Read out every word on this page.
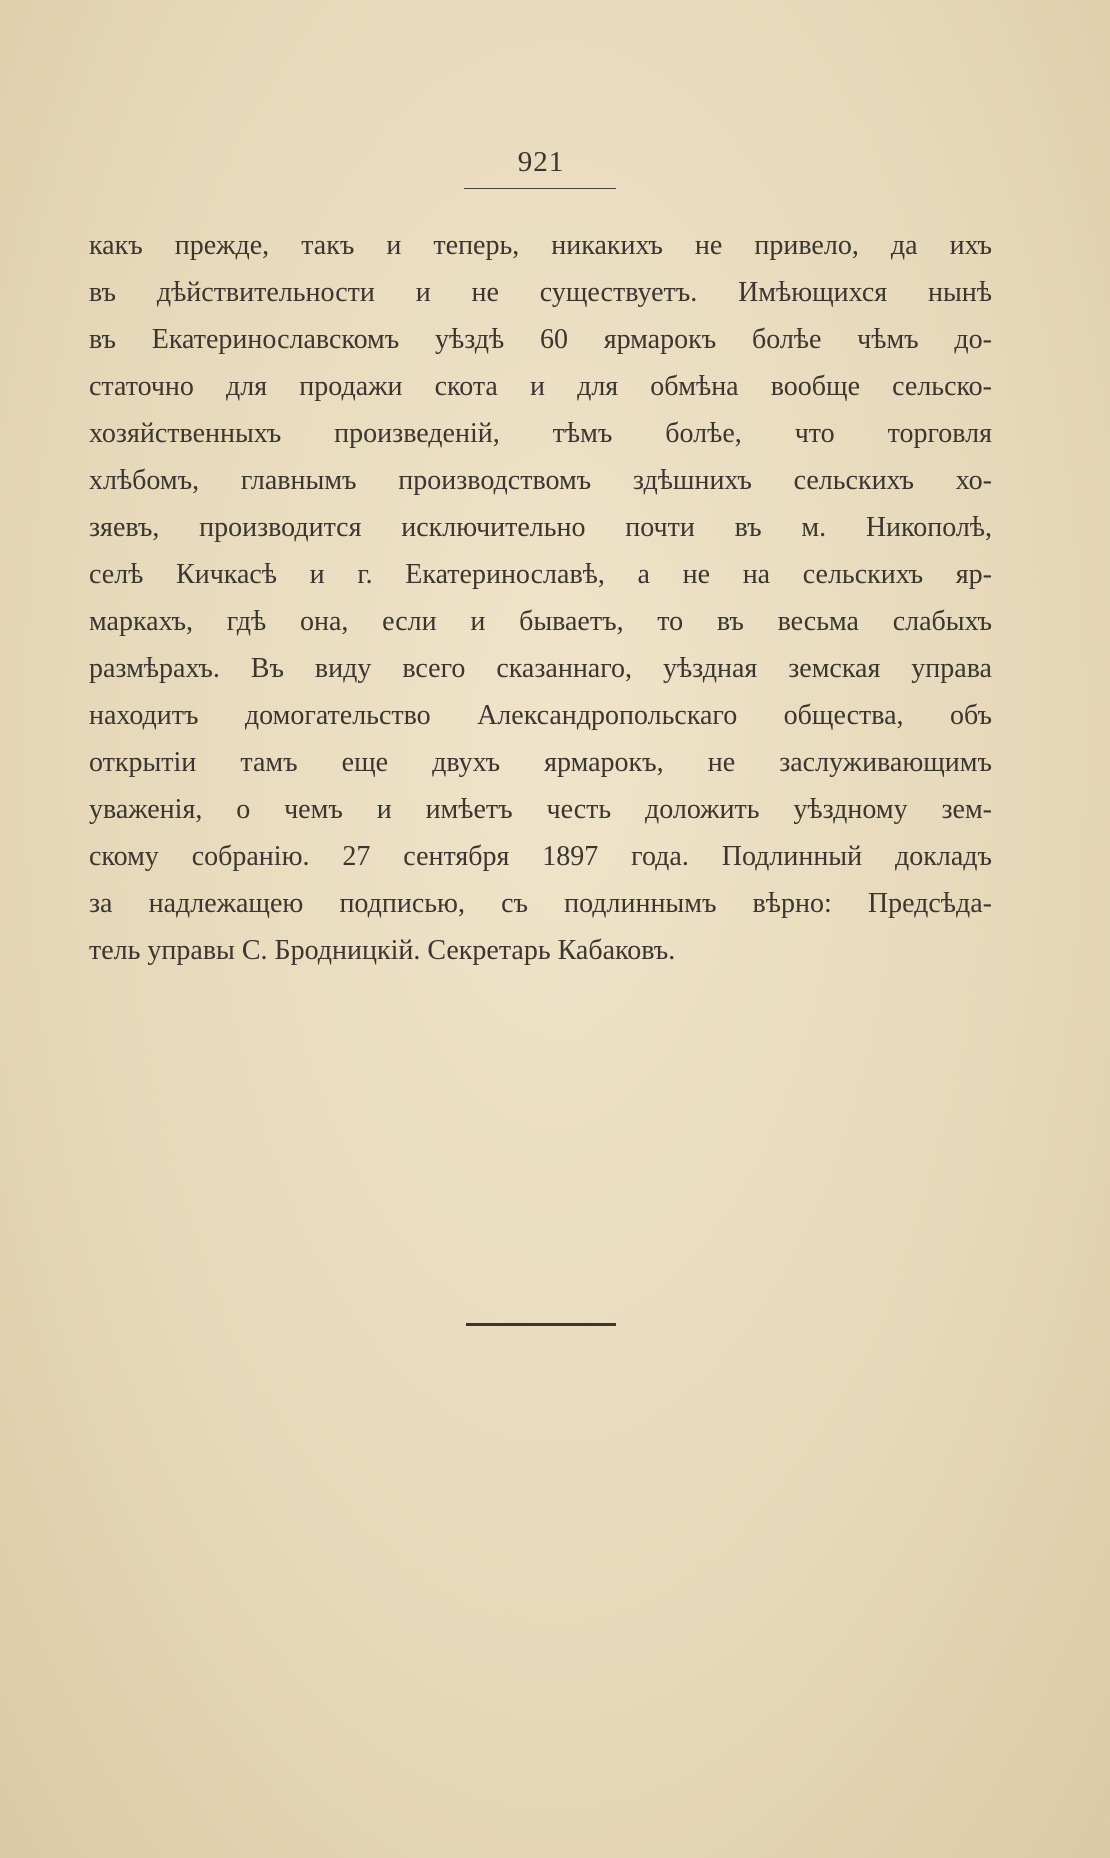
921
какъ прежде, такъ и теперь, никакихъ не привело, да ихъ
въ дѣйствительности и не существуетъ. Имѣющихся нынѣ
въ Екатеринославскомъ уѣздѣ 60 ярмарокъ болѣе чѣмъ до-
статочно для продажи скота и для обмѣна вообще сельско-
хозяйственныхъ произведеній, тѣмъ болѣе, что торговля
хлѣбомъ, главнымъ производствомъ здѣшнихъ сельскихъ хо-
зяевъ, производится исключительно почти въ м. Никополѣ,
селѣ Кичкасѣ и г. Екатеринославѣ, а не на сельскихъ яр-
маркахъ, гдѣ она, если и бываетъ, то въ весьма слабыхъ
размѣрахъ. Въ виду всего сказаннаго, уѣздная земская управа
находитъ домогательство Александропольскаго общества, объ
открытіи тамъ еще двухъ ярмарокъ, не заслуживающимъ
уваженія, о чемъ и имѣетъ честь доложить уѣздному зем-
скому собранію. 27 сентября 1897 года. Подлинный докладъ
за надлежащею подписью, съ подлиннымъ вѣрно: Предсѣда-
тель управы С. Бродницкій. Секретарь Кабаковъ.
